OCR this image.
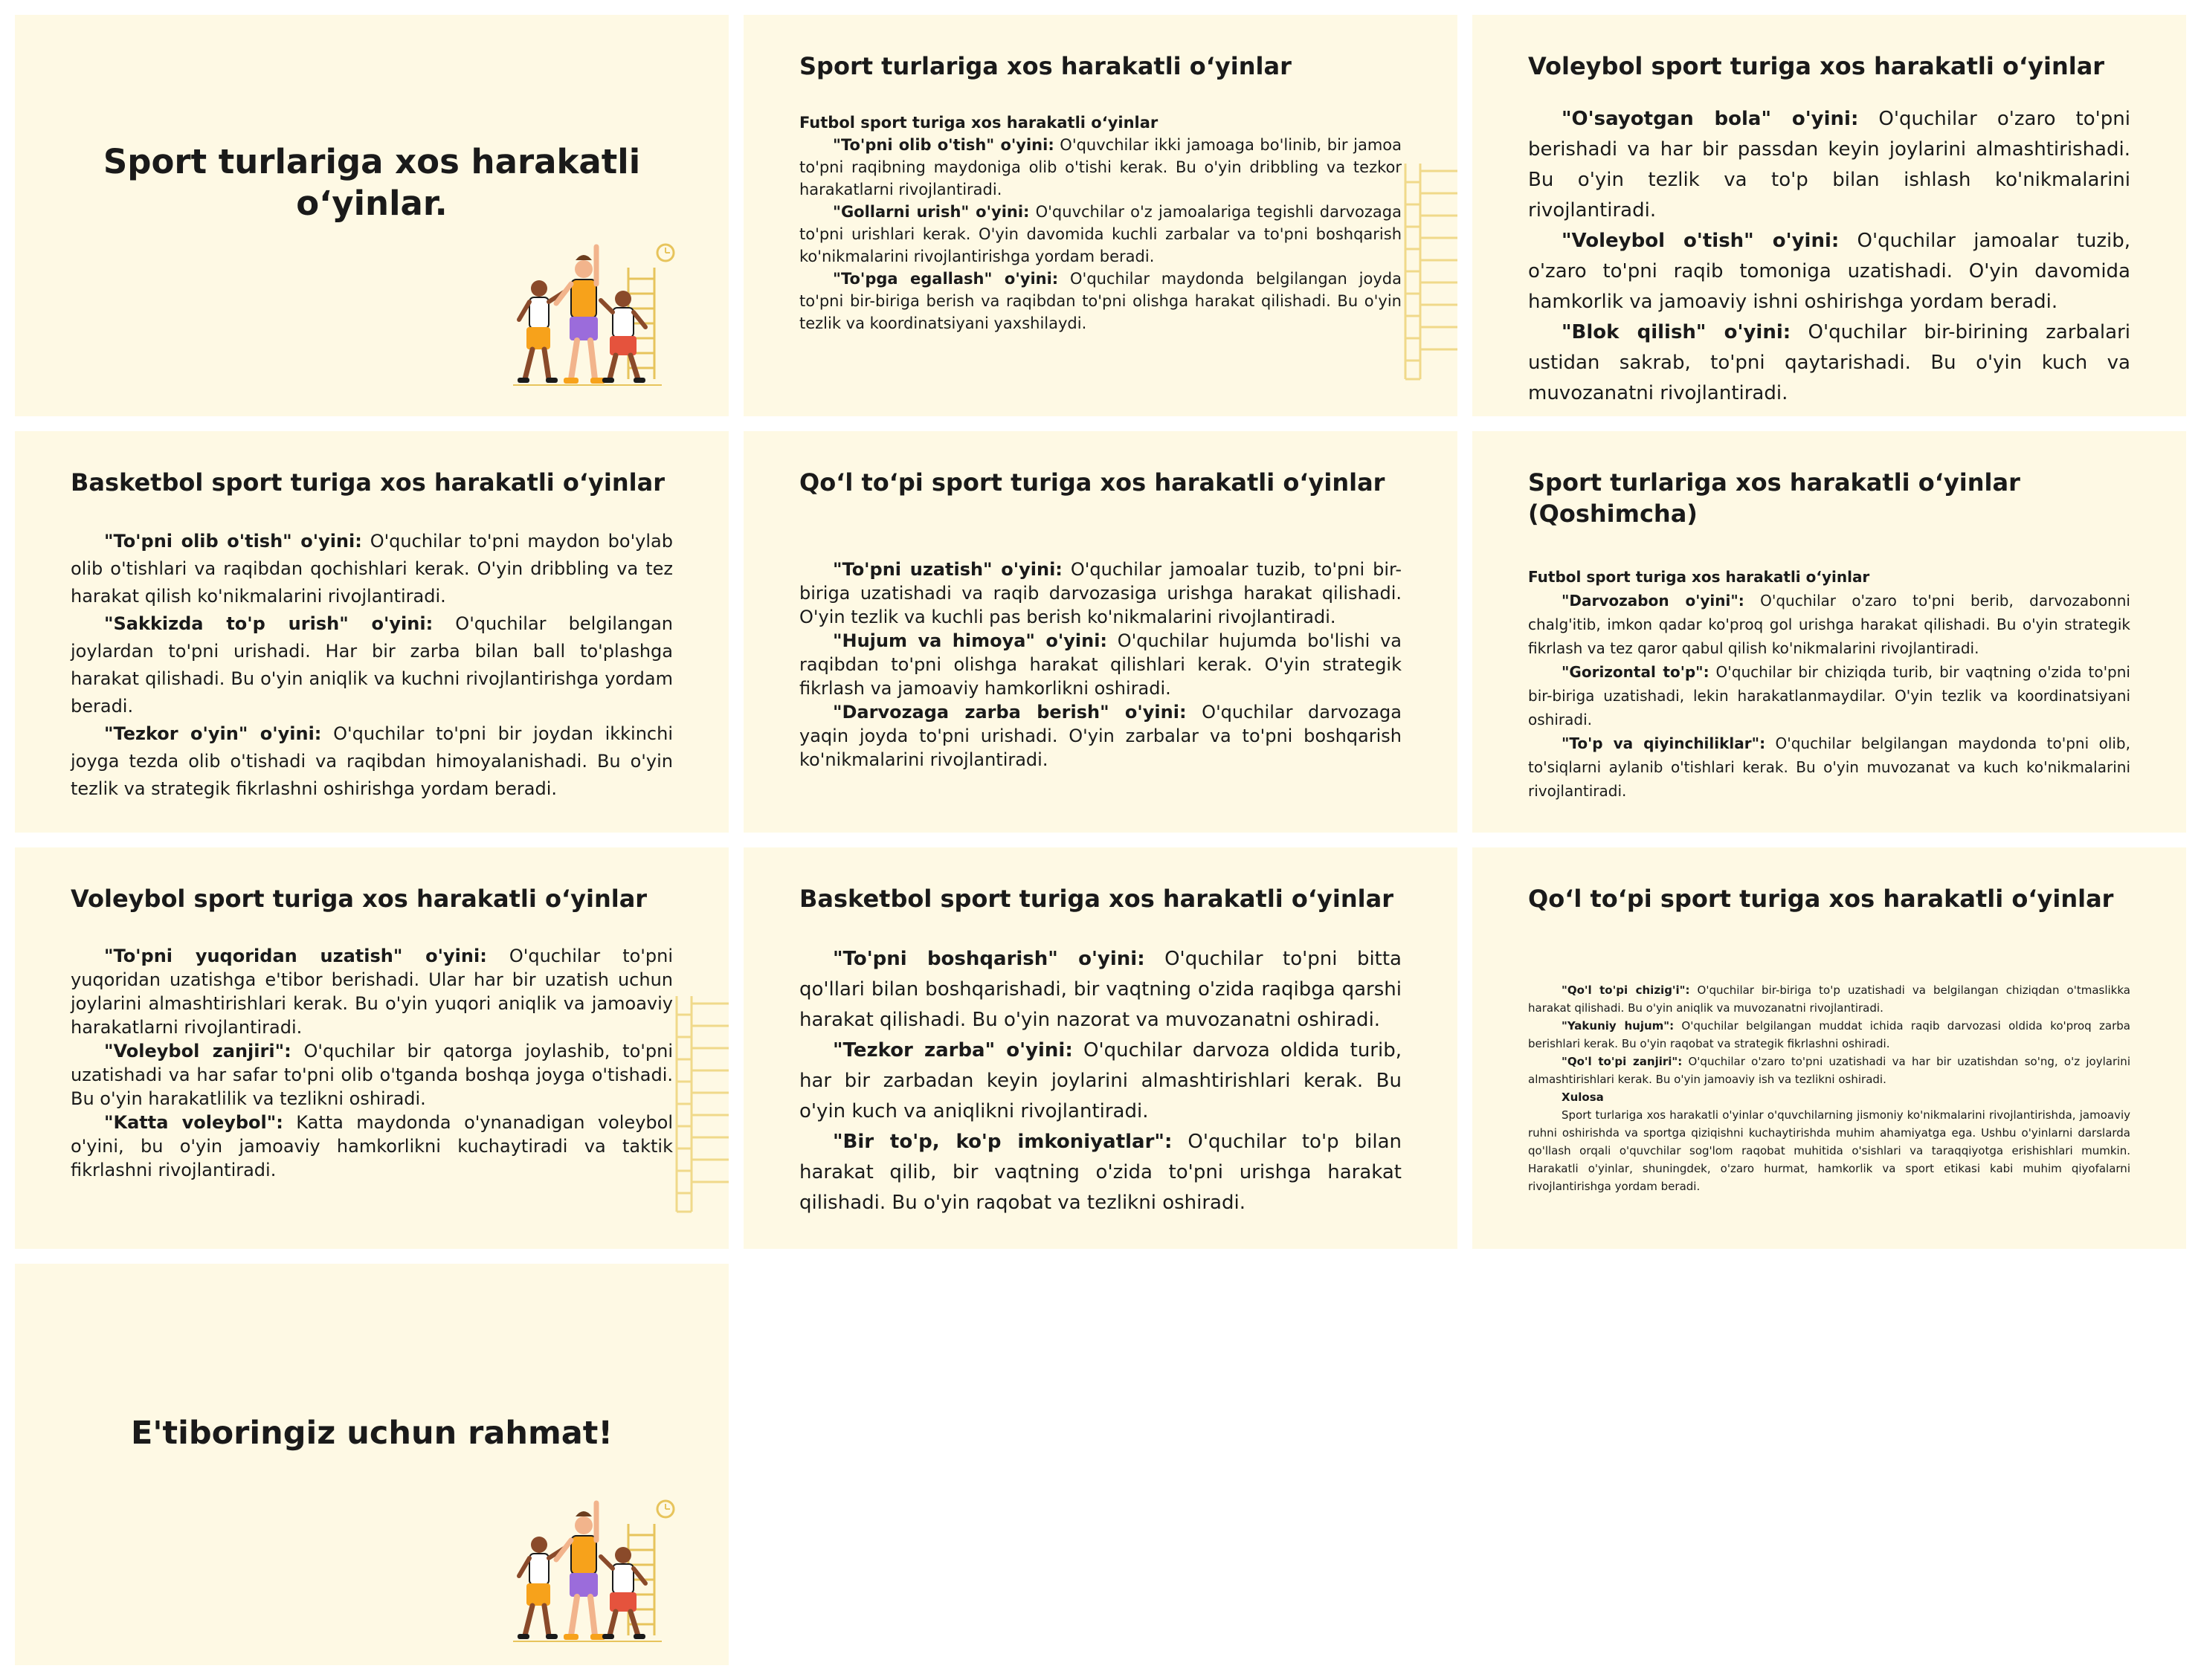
Sport turlariga xos harakatli o‘yinlar.
Sport turlariga xos harakatli o‘yinlar
Futbol sport turiga xos harakatli o‘yinlar

"To'pni olib o'tish" o'yini: O'quvchilar ikki jamoaga bo'linib, bir jamoa to'pni raqibning maydoniga olib o'tishi kerak. Bu o'yin dribbling va tezkor harakatlarni rivojlantiradi.

"Gollarni urish" o'yini: O'quvchilar o'z jamoalariga tegishli darvozaga to'pni urishlari kerak. O'yin davomida kuchli zarbalar va to'pni boshqarish ko'nikmalarini rivojlantirishga yordam beradi.

"To'pga egallash" o'yini: O'quchilar maydonda belgilangan joyda to'pni bir-biriga berish va raqibdan to'pni olishga harakat qilishadi. Bu o'yin tezlik va koordinatsiyani yaxshilaydi.

Voleybol sport turiga xos harakatli o‘yinlar

"O'sayotgan bola" o'yini: O'quchilar o'zaro to'pni berishadi va har bir passdan keyin joylarini almashtirishadi. Bu o'yin tezlik va to'p bilan ishlash ko'nikmalarini rivojlantiradi.

"Voleybol o'tish" o'yini: O'quchilar jamoalar tuzib, o'zaro to'pni raqib tomoniga uzatishadi. O'yin davomida hamkorlik va jamoaviy ishni oshirishga yordam beradi.

"Blok qilish" o'yini: O'quchilar bir-birining zarbalari ustidan sakrab, to'pni qaytarishadi. Bu o'yin kuch va muvozanatni rivojlantiradi.

Basketbol sport turiga xos harakatli o‘yinlar

"To'pni olib o'tish" o'yini: O'quchilar to'pni maydon bo'ylab olib o'tishlari va raqibdan qochishlari kerak. O'yin dribbling va tez harakat qilish ko'nikmalarini rivojlantiradi.

"Sakkizda to'p urish" o'yini: O'quchilar belgilangan joylardan to'pni urishadi. Har bir zarba bilan ball to'plashga harakat qilishadi. Bu o'yin aniqlik va kuchni rivojlantirishga yordam beradi.

"Tezkor o'yin" o'yini: O'quchilar to'pni bir joydan ikkinchi joyga tezda olib o'tishadi va raqibdan himoyalanishadi. Bu o'yin tezlik va strategik fikrlashni oshirishga yordam beradi.

Qo‘l to‘pi sport turiga xos harakatli o‘yinlar

"To'pni uzatish" o'yini: O'quchilar jamoalar tuzib, to'pni bir-biriga uzatishadi va raqib darvozasiga urishga harakat qilishadi. O'yin tezlik va kuchli pas berish ko'nikmalarini rivojlantiradi.

"Hujum va himoya" o'yini: O'quchilar hujumda bo'lishi va raqibdan to'pni olishga harakat qilishlari kerak. O'yin strategik fikrlash va jamoaviy hamkorlikni oshiradi.

"Darvozaga zarba berish" o'yini: O'quchilar darvozaga yaqin joyda to'pni urishadi. O'yin zarbalar va to'pni boshqarish ko'nikmalarini rivojlantiradi.

Sport turlariga xos harakatli o‘yinlar (Qoshimcha)
Futbol sport turiga xos harakatli o‘yinlar

"Darvozabon o'yini": O'quchilar o'zaro to'pni berib, darvozabonni chalg'itib, imkon qadar ko'proq gol urishga harakat qilishadi. Bu o'yin strategik fikrlash va tez qaror qabul qilish ko'nikmalarini rivojlantiradi.

"Gorizontal to'p": O'quchilar bir chiziqda turib, bir vaqtning o'zida to'pni bir-biriga uzatishadi, lekin harakatlanmaydilar. O'yin tezlik va koordinatsiyani oshiradi.

"To'p va qiyinchiliklar": O'quchilar belgilangan maydonda to'pni olib, to'siqlarni aylanib o'tishlari kerak. Bu o'yin muvozanat va kuch ko'nikmalarini rivojlantiradi.

Voleybol sport turiga xos harakatli o‘yinlar

"To'pni yuqoridan uzatish" o'yini: O'quchilar to'pni yuqoridan uzatishga e'tibor berishadi. Ular har bir uzatish uchun joylarini almashtirishlari kerak. Bu o'yin yuqori aniqlik va jamoaviy harakatlarni rivojlantiradi.

"Voleybol zanjiri": O'quchilar bir qatorga joylashib, to'pni uzatishadi va har safar to'pni olib o'tganda boshqa joyga o'tishadi. Bu o'yin harakatlilik va tezlikni oshiradi.

"Katta voleybol": Katta maydonda o'ynanadigan voleybol o'yini, bu o'yin jamoaviy hamkorlikni kuchaytiradi va taktik fikrlashni rivojlantiradi.

Basketbol sport turiga xos harakatli o‘yinlar

"To'pni boshqarish" o'yini: O'quchilar to'pni bitta qo'llari bilan boshqarishadi, bir vaqtning o'zida raqibga qarshi harakat qilishadi. Bu o'yin nazorat va muvozanatni oshiradi.

"Tezkor zarba" o'yini: O'quchilar darvoza oldida turib, har bir zarbadan keyin joylarini almashtirishlari kerak. Bu o'yin kuch va aniqlikni rivojlantiradi.

"Bir to'p, ko'p imkoniyatlar": O'quchilar to'p bilan harakat qilib, bir vaqtning o'zida to'pni urishga harakat qilishadi. Bu o'yin raqobat va tezlikni oshiradi.

Qo‘l to‘pi sport turiga xos harakatli o‘yinlar

"Qo'l to'pi chizig'i": O'quchilar bir-biriga to'p uzatishadi va belgilangan chiziqdan o'tmaslikka harakat qilishadi. Bu o'yin aniqlik va muvozanatni rivojlantiradi.

"Yakuniy hujum": O'quchilar belgilangan muddat ichida raqib darvozasi oldida ko'proq zarba berishlari kerak. Bu o'yin raqobat va strategik fikrlashni oshiradi.

"Qo'l to'pi zanjiri": O'quchilar o'zaro to'pni uzatishadi va har bir uzatishdan so'ng, o'z joylarini almashtirishlari kerak. Bu o'yin jamoaviy ish va tezlikni oshiradi.

Xulosa

Sport turlariga xos harakatli o'yinlar o'quvchilarning jismoniy ko'nikmalarini rivojlantirishda, jamoaviy ruhni oshirishda va sportga qiziqishni kuchaytirishda muhim ahamiyatga ega. Ushbu o'yinlarni darslarda qo'llash orqali o'quvchilar sog'lom raqobat muhitida o'sishlari va taraqqiyotga erishishlari mumkin. Harakatli o'yinlar, shuningdek, o'zaro hurmat, hamkorlik va sport etikasi kabi muhim qiyofalarni rivojlantirishga yordam beradi.

E'tiboringiz uchun rahmat!
